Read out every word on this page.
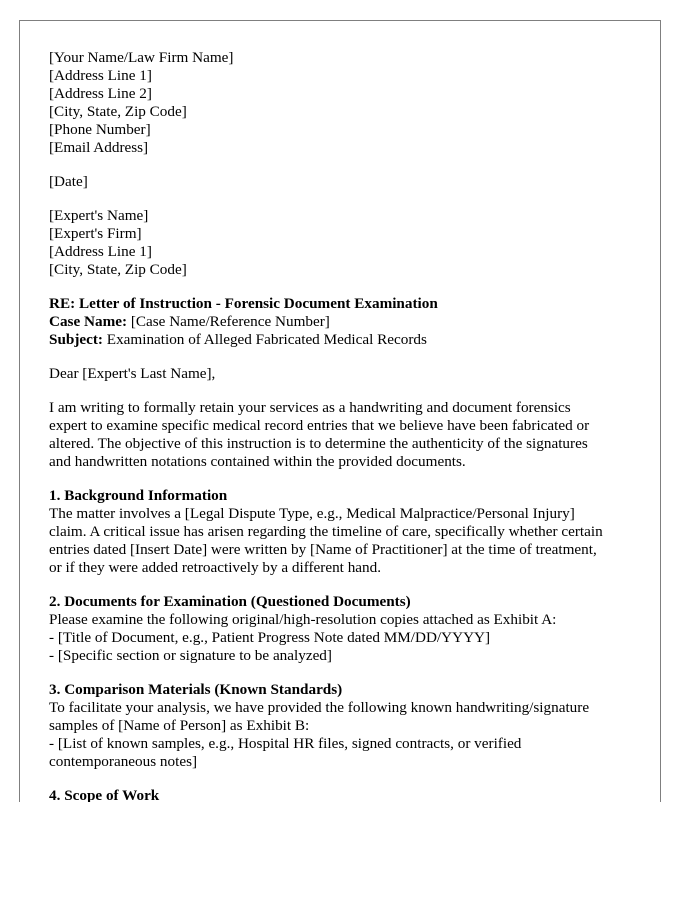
[Your Name/Law Firm Name]
[Address Line 1]
[Address Line 2]
[City, State, Zip Code]
[Phone Number]
[Email Address]
[Date]
[Expert's Name]
[Expert's Firm]
[Address Line 1]
[City, State, Zip Code]
RE: Letter of Instruction - Forensic Document Examination
Case Name: [Case Name/Reference Number]
Subject: Examination of Alleged Fabricated Medical Records
Dear [Expert's Last Name],
I am writing to formally retain your services as a handwriting and document forensics
expert to examine specific medical record entries that we believe have been fabricated or
altered. The objective of this instruction is to determine the authenticity of the signatures
and handwritten notations contained within the provided documents.
1. Background Information
The matter involves a [Legal Dispute Type, e.g., Medical Malpractice/Personal Injury]
claim. A critical issue has arisen regarding the timeline of care, specifically whether certain
entries dated [Insert Date] were written by [Name of Practitioner] at the time of treatment,
or if they were added retroactively by a different hand.
2. Documents for Examination (Questioned Documents)
Please examine the following original/high-resolution copies attached as Exhibit A:
- [Title of Document, e.g., Patient Progress Note dated MM/DD/YYYY]
- [Specific section or signature to be analyzed]
3. Comparison Materials (Known Standards)
To facilitate your analysis, we have provided the following known handwriting/signature
samples of [Name of Person] as Exhibit B:
- [List of known samples, e.g., Hospital HR files, signed contracts, or verified
contemporaneous notes]
4. Scope of Work
